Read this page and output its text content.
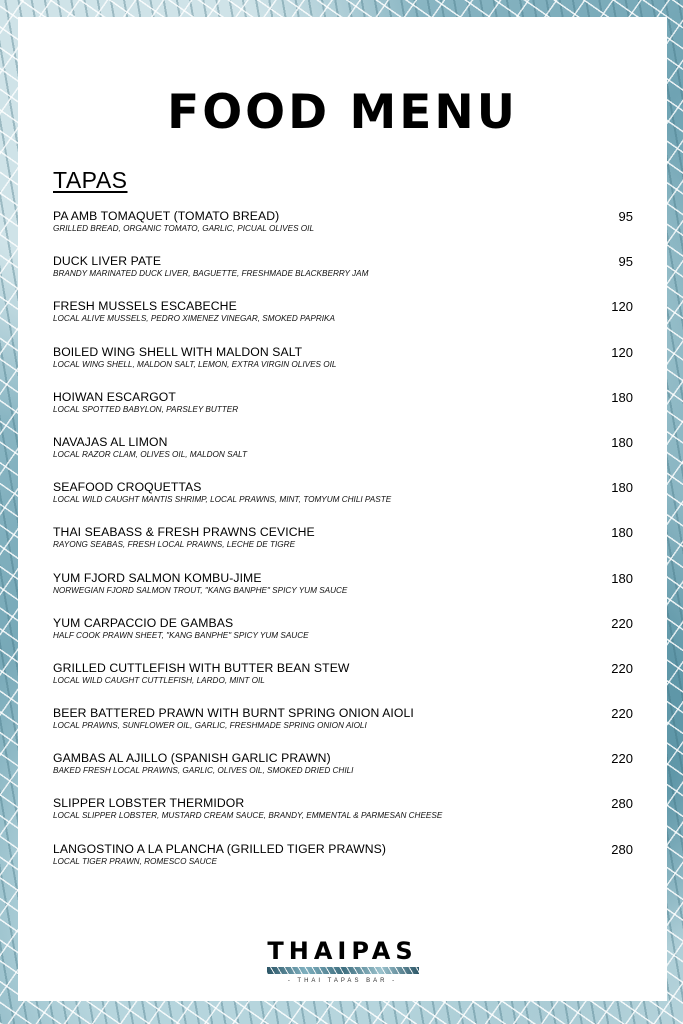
FOOD MENU
TAPAS
PA AMB TOMAQUET (TOMATO BREAD)
GRILLED BREAD, ORGANIC TOMATO, GARLIC, PICUAL OLIVES OIL
95
DUCK LIVER PATE
BRANDY MARINATED DUCK LIVER, BAGUETTE, FRESHMADE BLACKBERRY JAM
95
FRESH MUSSELS ESCABECHE
LOCAL ALIVE MUSSELS, PEDRO XIMENEZ VINEGAR, SMOKED PAPRIKA
120
BOILED WING SHELL WITH MALDON SALT
LOCAL WING SHELL, MALDON SALT, LEMON, EXTRA VIRGIN OLIVES OIL
120
HOIWAN ESCARGOT
LOCAL SPOTTED BABYLON, PARSLEY BUTTER
180
NAVAJAS AL LIMON
LOCAL RAZOR CLAM, OLIVES OIL, MALDON SALT
180
SEAFOOD CROQUETTAS
LOCAL WILD CAUGHT MANTIS SHRIMP, LOCAL PRAWNS, MINT, TOMYUM CHILI PASTE
180
THAI SEABASS & FRESH PRAWNS CEVICHE
RAYONG SEABAS, FRESH LOCAL PRAWNS, LECHE DE TIGRE
180
YUM FJORD SALMON KOMBU-JIME
NORWEGIAN FJORD SALMON TROUT, "KANG BANPHE" SPICY YUM SAUCE
180
YUM CARPACCIO DE GAMBAS
HALF COOK PRAWN SHEET, "KANG BANPHE" SPICY YUM SAUCE
220
GRILLED CUTTLEFISH WITH BUTTER BEAN STEW
LOCAL WILD CAUGHT CUTTLEFISH, LARDO, MINT OIL
220
BEER BATTERED PRAWN WITH BURNT SPRING ONION AIOLI
LOCAL PRAWNS, SUNFLOWER OIL, GARLIC, FRESHMADE SPRING ONION AIOLI
220
GAMBAS AL AJILLO (SPANISH GARLIC PRAWN)
BAKED FRESH LOCAL PRAWNS, GARLIC, OLIVES OIL, SMOKED DRIED CHILI
220
SLIPPER LOBSTER THERMIDOR
LOCAL SLIPPER LOBSTER, MUSTARD CREAM SAUCE, BRANDY, EMMENTAL & PARMESAN CHEESE
280
LANGOSTINO A LA PLANCHA (GRILLED TIGER PRAWNS)
LOCAL TIGER PRAWN, ROMESCO SAUCE
280
THAIPAS
- THAI TAPAS BAR -
